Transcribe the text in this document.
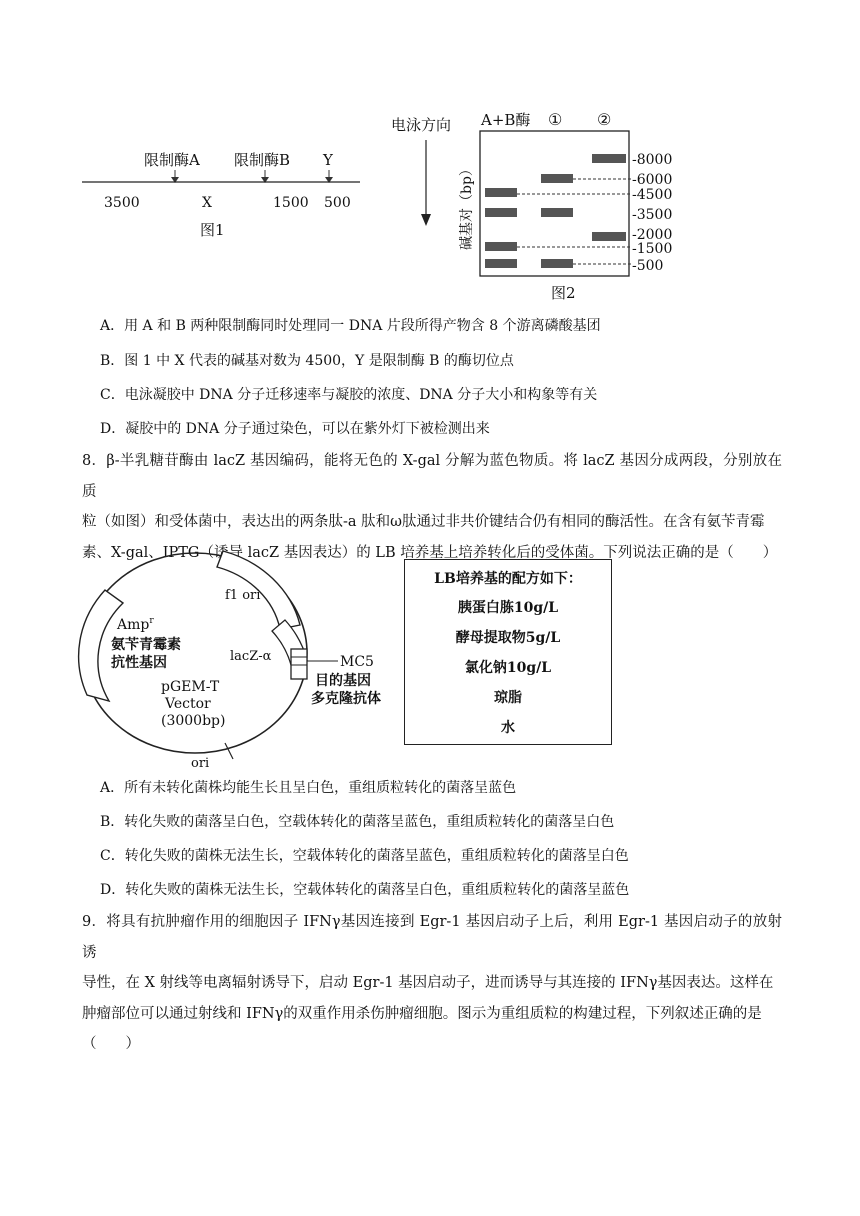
限制酶A 限制酶B Y
3500	X	1500 500
图1
电泳方向 A+B酶 ① ②
碱基对（bp）
-8000
-6000
-4500
-3500
-2000
-1500
-500
图2
A．用 A 和 B 两种限制酶同时处理同一 DNA 片段所得产物含 8 个游离磷酸基团
B．图 1 中 X 代表的碱基对数为 4500，Y 是限制酶 B 的酶切位点
C．电泳凝胶中 DNA 分子迁移速率与凝胶的浓度、DNA 分子大小和构象等有关
D．凝胶中的 DNA 分子通过染色，可以在紫外灯下被检测出来
8．β-半乳糖苷酶由 lacZ 基因编码，能将无色的 X-gal 分解为蓝色物质。将 lacZ 基因分成两段，分别放在质
粒（如图）和受体菌中，表达出的两条肽-a 肽和ω肽通过非共价键结合仍有相同的酶活性。在含有氨苄青霉
素、X-gal、IPTG（诱导 lacZ 基因表达）的 LB 培养基上培养转化后的受体菌。下列说法正确的是（　　）
Amp$^r$
氨苄青霉素
抗性基因
f1 ori
lacZ-α	MC5
目的基因
多克隆抗体
pGEM-T
Vector
(3000bp)
ori
LB培养基的配方如下：
胰蛋白胨10g/L
酵母提取物5g/L
氯化钠10g/L
琼脂
水
A．所有未转化菌株均能生长且呈白色，重组质粒转化的菌落呈蓝色
B．转化失败的菌落呈白色，空载体转化的菌落呈蓝色，重组质粒转化的菌落呈白色
C．转化失败的菌株无法生长，空载体转化的菌落呈蓝色，重组质粒转化的菌落呈白色
D．转化失败的菌株无法生长，空载体转化的菌落呈白色，重组质粒转化的菌落呈蓝色
9．将具有抗肿瘤作用的细胞因子 IFNγ基因连接到 Egr-1 基因启动子上后，利用 Egr-1 基因启动子的放射诱
导性，在 X 射线等电离辐射诱导下，启动 Egr-1 基因启动子，进而诱导与其连接的 IFNγ基因表达。这样在
肿瘤部位可以通过射线和 IFNγ的双重作用杀伤肿瘤细胞。图示为重组质粒的构建过程，下列叙述正确的是
（　　）
